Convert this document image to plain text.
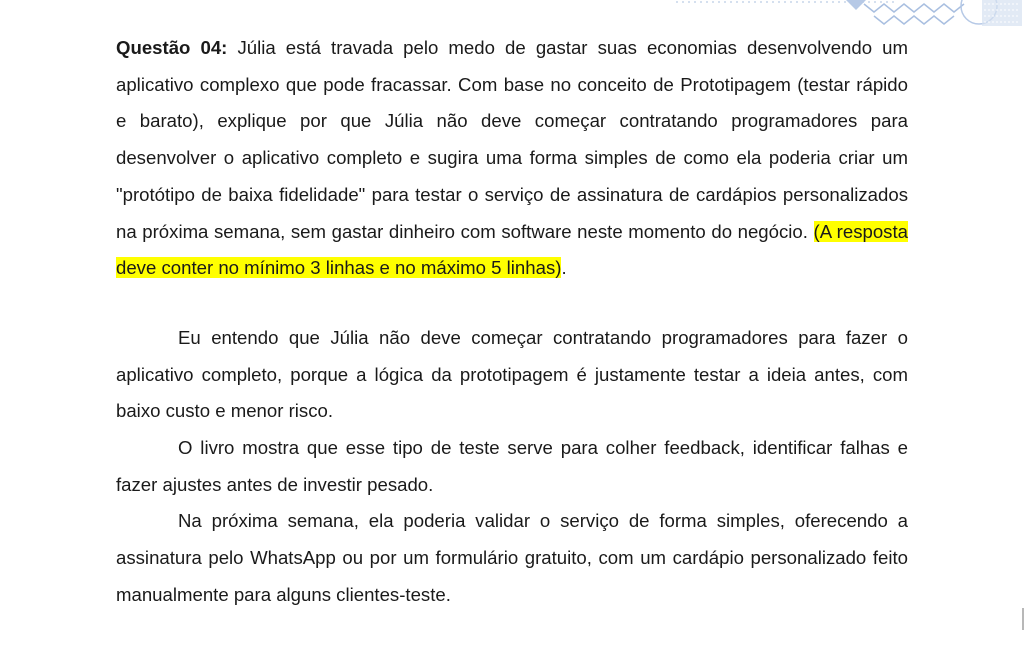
Questão 04: Júlia está travada pelo medo de gastar suas economias desenvolvendo um aplicativo complexo que pode fracassar. Com base no conceito de Prototipagem (testar rápido e barato), explique por que Júlia não deve começar contratando programadores para desenvolver o aplicativo completo e sugira uma forma simples de como ela poderia criar um "protótipo de baixa fidelidade" para testar o serviço de assinatura de cardápios personalizados na próxima semana, sem gastar dinheiro com software neste momento do negócio. (A resposta deve conter no mínimo 3 linhas e no máximo 5 linhas).

Eu entendo que Júlia não deve começar contratando programadores para fazer o aplicativo completo, porque a lógica da prototipagem é justamente testar a ideia antes, com baixo custo e menor risco.

O livro mostra que esse tipo de teste serve para colher feedback, identificar falhas e fazer ajustes antes de investir pesado.

Na próxima semana, ela poderia validar o serviço de forma simples, oferecendo a assinatura pelo WhatsApp ou por um formulário gratuito, com um cardápio personalizado feito manualmente para alguns clientes-teste.
